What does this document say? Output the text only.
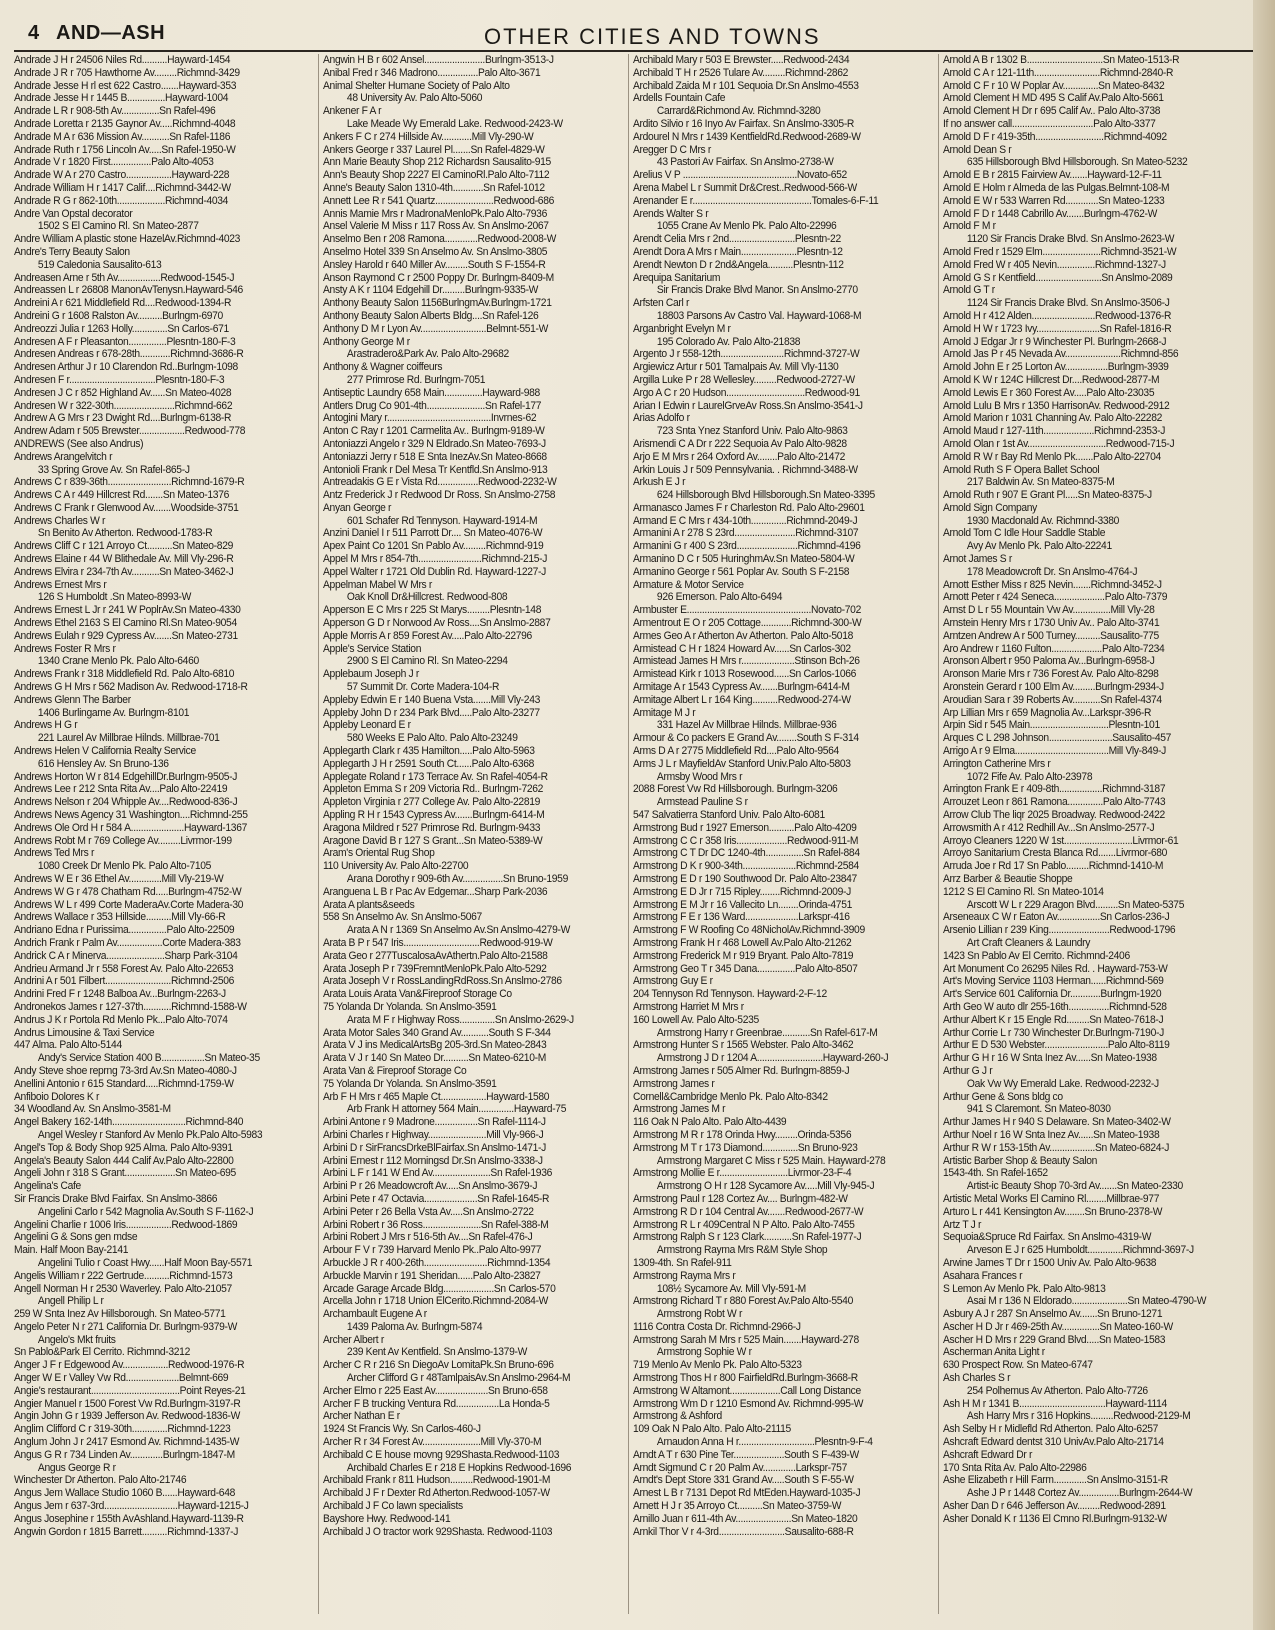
4 AND—ASH	OTHER CITIES AND TOWNS
Andrade J H r 24506 Niles Rd..........Hayward-1454
Andrade J R r 705 Hawthorne Av.........Richmnd-3429
Andrade Jesse H rl est 622 Castro.......Hayward-353
Andrade Jesse H r 1445 B...............Hayward-1004
Andrade L R r 908-5th Av...............Sn Rafel-496
Andrade Loretta r 2135 Gaynor Av.....Richmnd-4048
Andrade M A r 636 Mission Av...........Sn Rafel-1186
Andrade Ruth r 1756 Lincoln Av.....Sn Rafel-1950-W
Andrade V r 1820 First................Palo Alto-4053
Andrade W A r 270 Castro..................Hayward-228
Andrade William H r 1417 Calif....Richmnd-3442-W
Andrade R G r 862-10th...................Richmnd-4034
Andre Van Opstal decorator
1502 S El Camino Rl. Sn Mateo-2877
Andre William A plastic stone HazelAv.Richmnd-4023
Andre's Terry Beauty Salon
519 Caledonia Sausalito-613
Andreasen Arne r 5th Av.................Redwood-1545-J
Andreassen L r 26808 ManonAvTenysn.Hayward-546
Andreini A r 621 Middlefield Rd....Redwood-1394-R
Andreini G r 1608 Ralston Av..........Burlngm-6970
Andreozzi Julia r 1263 Holly..............Sn Carlos-671
Andresen A F r Pleasanton...............Plesntn-180-F-3
Andresen Andreas r 678-28th............Richmnd-3686-R
Andresen Arthur J r 10 Clarendon Rd..Burlngm-1098
Andresen F r..................................Plesntn-180-F-3
Andresen J C r 852 Highland Av......Sn Mateo-4028
Andresen W r 322-30th........................Richmnd-662
Andrew A G Mrs r 23 Dwight Rd....Burlngm-6138-R
Andrew Adam r 505 Brewster..................Redwood-778
ANDREWS (See also Andrus)
Andrews Arangelvitch r
33 Spring Grove Av. Sn Rafel-865-J
Andrews C r 839-36th.........................Richmnd-1679-R
Andrews C A r 449 Hillcrest Rd.......Sn Mateo-1376
Andrews C Frank r Glenwood Av.......Woodside-3751
Andrews Charles W r
Sn Benito Av Atherton. Redwood-1783-R
Andrews Cliff C r 121 Arroyo Ct..........Sn Mateo-829
Andrews Elaine r 44 W Blithedale Av. Mill Vly-296-R
Andrews Elvira r 234-7th Av...........Sn Mateo-3462-J
Andrews Ernest Mrs r
126 S Humboldt .Sn Mateo-8993-W
Andrews Ernest L Jr r 241 W PoplrAv.Sn Mateo-4330
Andrews Ethel 2163 S El Camino Rl.Sn Mateo-9054
Andrews Eulah r 929 Cypress Av.......Sn Mateo-2731
Andrews Foster R Mrs r
1340 Crane Menlo Pk. Palo Alto-6460
Andrews Frank r 318 Middlefield Rd. Palo Alto-6810
Andrews G H Mrs r 562 Madison Av. Redwood-1718-R
Andrews Glenn The Barber
1406 Burlingame Av. Burlngm-8101
Andrews H G r
221 Laurel Av Millbrae Hilnds. Millbrae-701
Andrews Helen V California Realty Service
616 Hensley Av. Sn Bruno-136
Andrews Horton W r 814 EdgehillDr.Burlngm-9505-J
Andrews Lee r 212 Snta Rita Av....Palo Alto-22419
Andrews Nelson r 204 Whipple Av....Redwood-836-J
Andrews News Agency 31 Washington....Richmnd-255
Andrews Ole Ord H r 584 A.....................Hayward-1367
Andrews Robt M r 769 College Av.........Livrmor-199
Andrews Ted Mrs r
1080 Creek Dr Menlo Pk. Palo Alto-7105
Andrews W E r 36 Ethel Av.............Mill Vly-219-W
Andrews W G r 478 Chatham Rd.....Burlngm-4752-W
Andrews W L r 499 Corte MaderaAv.Corte Madera-30
Andrews Wallace r 353 Hillside..........Mill Vly-66-R
Andriano Edna r Purissima...............Palo Alto-22509
Andrich Frank r Palm Av..................Corte Madera-383
Andrick C A r Minerva.......................Sharp Park-3104
Andrieu Armand Jr r 558 Forest Av. Palo Alto-22653
Andrini A r 501 Filbert..........................Richmnd-2506
Andrini Fred F r 1248 Balboa Av...Burlngm-2263-J
Andronekos James r 127-37th...........Richmnd-1588-W
Andrus J K r Portola Rd Menlo Pk...Palo Alto-7074
Andrus Limousine & Taxi Service
447 Alma. Palo Alto-5144
Andy's Service Station 400 B.................Sn Mateo-35
Andy Steve shoe reprng 73-3rd Av.Sn Mateo-4080-J
Anellini Antonio r 615 Standard.....Richmnd-1759-W
Anfiboio Dolores K r
34 Woodland Av. Sn Anslmo-3581-M
Angel Bakery 162-14th.............................Richmnd-840
Angel Wesley r Stanford Av Menlo Pk.Palo Alto-5983
Angel's Top & Body Shop 925 Alma. Palo Alto-9391
Angela's Beauty Salon 444 Calif Av.Palo Alto-22800
Angeli John r 318 S Grant....................Sn Mateo-695
Angelina's Cafe
Sir Francis Drake Blvd Fairfax. Sn Anslmo-3866
Angelini Carlo r 542 Magnolia Av.South S F-1162-J
Angelini Charlie r 1006 Iris..................Redwood-1869
Angelini G & Sons gen mdse
Main. Half Moon Bay-2141
Angelini Tulio r Coast Hwy......Half Moon Bay-5571
Angelis William r 222 Gertrude..........Richmnd-1573
Angell Norman H r 2530 Waverley. Palo Alto-21057
Angell Philip L r
259 W Snta Inez Av Hillsborough. Sn Mateo-5771
Angelo Peter N r 271 California Dr. Burlngm-9379-W
Angelo's Mkt fruits
Sn Pablo&Park El Cerrito. Richmnd-3212
Anger J F r Edgewood Av..................Redwood-1976-R
Anger W E r Valley Vw Rd.....................Belmnt-669
Angie's restaurant...................................Point Reyes-21
Angier Manuel r 1500 Forest Vw Rd.Burlngm-3197-R
Angin John G r 1939 Jefferson Av. Redwood-1836-W
Anglim Clifford C r 319-30th..............Richmnd-1223
Anglum John J r 2417 Esmond Av. Richmnd-1435-W
Angus G R r 734 Linden Av.............Burlngm-1847-M
Angus George R r
Winchester Dr Atherton. Palo Alto-21746
Angus Jem Wallace Studio 1060 B......Hayward-648
Angus Jem r 637-3rd.............................Hayward-1215-J
Angus Josephine r 155th AvAshland.Hayward-1139-R
Angwin Gordon r 1815 Barrett..........Richmnd-1337-J
Angwin H B r 602 Ansel........................Burlngm-3513-J
Anibal Fred r 346 Madrono................Palo Alto-3671
Animal Shelter Humane Society of Palo Alto
48 University Av. Palo Alto-5060
Ankener F A r
Lake Meade Wy Emerald Lake. Redwood-2423-W
Ankers F C r 274 Hillside Av............Mill Vly-290-W
Ankers George r 337 Laurel Pl.......Sn Rafel-4829-W
Ann Marie Beauty Shop 212 Richardsn Sausalito-915
Ann's Beauty Shop 2227 El CaminoRl.Palo Alto-7112
Anne's Beauty Salon 1310-4th............Sn Rafel-1012
Annett Lee R r 541 Quartz.......................Redwood-686
Annis Mamie Mrs r MadronaMenloPk.Palo Alto-7936
Ansel Valerie M Miss r 117 Ross Av. Sn Anslmo-2067
Anselmo Ben r 208 Ramona.............Redwood-2008-W
Anselmo Hotel 339 Sn Anselmo Av. Sn Anslmo-3805
Ansley Harold r 640 Miller Av.........South S F-1554-R
Anson Raymond C r 2500 Poppy Dr. Burlngm-8409-M
Ansty A K r 1104 Edgehill Dr.........Burlngm-9335-W
Anthony Beauty Salon 1156BurlngmAv.Burlngm-1721
Anthony Beauty Salon Alberts Bldg....Sn Rafel-126
Anthony D M r Lyon Av..........................Belmnt-551-W
Anthony George M r
Arastradero&Park Av. Palo Alto-29682
Anthony & Wagner coiffeurs
277 Primrose Rd. Burlngm-7051
Antiseptic Laundry 658 Main...............Hayward-988
Antlers Drug Co 901-4th.......................Sn Rafel-177
Antogini Mary r.........................................Invrnes-62
Anton C Ray r 1201 Carmelita Av.. Burlngm-9189-W
Antoniazzi Angelo r 329 N Eldrado.Sn Mateo-7693-J
Antoniazzi Jerry r 518 E Snta InezAv.Sn Mateo-8668
Antonioli Frank r Del Mesa Tr Kentfld.Sn Anslmo-913
Antreadakis G E r Vista Rd................Redwood-2232-W
Antz Frederick J r Redwood Dr Ross. Sn Anslmo-2758
Anyan George r
601 Schafer Rd Tennyson. Hayward-1914-M
Anzini Daniel I r 511 Parrott Dr.... Sn Mateo-4076-W
Apex Paint Co 1201 Sn Pablo Av.........Richmnd-919
Appel M Mrs r 854-7th.........................Richmnd-215-J
Appel Walter r 1721 Old Dublin Rd. Hayward-1227-J
Appelman Mabel W Mrs r
Oak Knoll Dr&Hillcrest. Redwood-808
Apperson E C Mrs r 225 St Marys.........Plesntn-148
Apperson G D r Norwood Av Ross....Sn Anslmo-2887
Apple Morris A r 859 Forest Av.....Palo Alto-22796
Apple's Service Station
2900 S El Camino Rl. Sn Mateo-2294
Applebaum Joseph J r
57 Summit Dr. Corte Madera-104-R
Appleby Edwin E r 140 Buena Vsta.......Mill Vly-243
Appleby John D r 234 Park Blvd.....Palo Alto-23277
Appleby Leonard E r
580 Weeks E Palo Alto. Palo Alto-23249
Applegarth Clark r 435 Hamilton.....Palo Alto-5963
Applegarth J H r 2591 South Ct......Palo Alto-6368
Applegate Roland r 173 Terrace Av. Sn Rafel-4054-R
Appleton Emma S r 209 Victoria Rd.. Burlngm-7262
Appleton Virginia r 277 College Av. Palo Alto-22819
Appling R H r 1543 Cypress Av.......Burlngm-6414-M
Aragona Mildred r 527 Primrose Rd. Burlngm-9433
Aragone David B r 127 S Grant...Sn Mateo-5389-W
Aram's Oriental Rug Shop
110 University Av. Palo Alto-22700
Arana Dorothy r 909-6th Av................Sn Bruno-1959
Aranguena L B r Pac Av Edgemar...Sharp Park-2036
Arata A plants&seeds
558 Sn Anselmo Av. Sn Anslmo-5067
Arata A N r 1369 Sn Anselmo Av.Sn Anslmo-4279-W
Arata B P r 547 Iris..............................Redwood-919-W
Arata Geo r 277TuscalosaAvAthertn.Palo Alto-21588
Arata Joseph P r 739FremntMenloPk.Palo Alto-5292
Arata Joseph V r RossLandingRdRoss.Sn Anslmo-2786
Arata Louis Arata Van&Fireproof Storage Co
75 Yolanda Dr Yolanda. Sn Anslmo-3591
Arata M F r Highway Ross..............Sn Anslmo-2629-J
Arata Motor Sales 340 Grand Av...........South S F-344
Arata V J ins MedicalArtsBg 205-3rd.Sn Mateo-2843
Arata V J r 140 Sn Mateo Dr..........Sn Mateo-6210-M
Arata Van & Fireproof Storage Co
75 Yolanda Dr Yolanda. Sn Anslmo-3591
Arb F H Mrs r 465 Maple Ct..................Hayward-1580
Arb Frank H attorney 564 Main..............Hayward-75
Arbini Antone r 9 Madrone.................Sn Rafel-1114-J
Arbini Charles r Highway.......................Mill Vly-966-J
Arbini D r SirFrancsDrkeBlFairfax.Sn Anslmo-1471-J
Arbini Ernest r 112 Morningsd Dr.Sn Anslmo-3338-J
Arbini L F r 141 W End Av.......................Sn Rafel-1936
Arbini P r 26 Meadowcroft Av.....Sn Anslmo-3679-J
Arbini Pete r 47 Octavia.....................Sn Rafel-1645-R
Arbini Peter r 26 Bella Vsta Av.....Sn Anslmo-2722
Arbini Robert r 36 Ross.......................Sn Rafel-388-M
Arbini Robert J Mrs r 516-5th Av....Sn Rafel-476-J
Arbour F V r 739 Harvard Menlo Pk..Palo Alto-9977
Arbuckle J R r 400-26th.........................Richmnd-1354
Arbuckle Marvin r 191 Sheridan......Palo Alto-23827
Arcade Garage Arcade Bldg....................Sn Carlos-570
Arcella John r 1718 Union ElCerito.Richmnd-2084-W
Archambault Eugene A r
1439 Paloma Av. Burlngm-5874
Archer Albert r
239 Kent Av Kentfield. Sn Anslmo-1379-W
Archer C R r 216 Sn DiegoAv LomitaPk.Sn Bruno-696
Archer Clifford G r 48TamlpaisAv.Sn Anslmo-2964-M
Archer Elmo r 225 East Av.....................Sn Bruno-658
Archer F B trucking Ventura Rd.................La Honda-5
Archer Nathan E r
1924 St Francis Wy. Sn Carlos-460-J
Archer R r 34 Forest Av.......................Mill Vly-370-M
Archibald C E house movng 929Shasta.Redwood-1103
Archibald Charles E r 218 E Hopkins Redwood-1696
Archibald Frank r 811 Hudson.........Redwood-1901-M
Archibald J F r Dexter Rd Atherton.Redwood-1057-W
Archibald J F Co lawn specialists
Bayshore Hwy. Redwood-141
Archibald J O tractor work 929Shasta. Redwood-1103
Archibald Mary r 503 E Brewster.....Redwood-2434
Archibald T H r 2526 Tulare Av.........Richmnd-2862
Archibald Zaida M r 101 Sequoia Dr.Sn Anslmo-4553
Ardells Fountain Cafe
Carrard&Richmond Av. Richmnd-3280
Ardito Silvio r 16 Inyo Av Fairfax. Sn Anslmo-3305-R
Ardourel N Mrs r 1439 KentfieldRd.Redwood-2689-W
Aregger D C Mrs r
43 Pastori Av Fairfax. Sn Anslmo-2738-W
Arelius V P .............................................Novato-652
Arena Mabel L r Summit Dr&Crest..Redwood-566-W
Arenander E r...............................................Tomales-6-F-11
Arends Walter S r
1055 Crane Av Menlo Pk. Palo Alto-22996
Arendt Celia Mrs r 2nd..........................Plesntn-22
Arendt Dora A Mrs r Main......................Plesntn-12
Arendt Newton D r 2nd&Angela..........Plesntn-112
Arequipa Sanitarium
Sir Francis Drake Blvd Manor. Sn Anslmo-2770
Arfsten Carl r
18803 Parsons Av Castro Val. Hayward-1068-M
Arganbright Evelyn M r
195 Colorado Av. Palo Alto-21838
Argento J r 558-12th.........................Richmnd-3727-W
Argiewicz Artur r 501 Tamalpais Av. Mill Vly-1130
Argilla Luke P r 28 Wellesley.........Redwood-2727-W
Argo A C r 20 Hudson...............................Redwood-91
Arian I Edwin r LaurelGrveAv Ross.Sn Anslmo-3541-J
Arias Adolfo r
723 Snta Ynez Stanford Univ. Palo Alto-9863
Arismendi C A Dr r 222 Sequoia Av Palo Alto-9828
Arjo E M Mrs r 264 Oxford Av........Palo Alto-21472
Arkin Louis J r 509 Pennsylvania. . Richmnd-3488-W
Arkush E J r
624 Hillsborough Blvd Hillsborough.Sn Mateo-3395
Armanasco James F r Charleston Rd. Palo Alto-29601
Armand E C Mrs r 434-10th..............Richmnd-2049-J
Armanini A r 278 S 23rd........................Richmnd-3107
Armanini G r 400 S 23rd........................Richmnd-4196
Armanino D C r 505 HuringhmAv.Sn Mateo-5804-W
Armanino George r 561 Poplar Av. South S F-2158
Armature & Motor Service
926 Emerson. Palo Alto-6494
Armbuster E.................................................Novato-702
Armentrout E O r 205 Cottage............Richmnd-300-W
Armes Geo A r Atherton Av Atherton. Palo Alto-5018
Armistead C H r 1824 Howard Av......Sn Carlos-302
Armistead James H Mrs r.....................Stinson Bch-26
Armistead Kirk r 1013 Rosewood......Sn Carlos-1066
Armitage A r 1543 Cypress Av.......Burlngm-6414-M
Armitage Albert L r 164 King..........Redwood-274-W
Armitage M J r
331 Hazel Av Millbrae Hilnds. Millbrae-936
Armour & Co packers E Grand Av........South S F-314
Arms D A r 2775 Middlefield Rd....Palo Alto-9564
Arms J L r MayfieldAv Stanford Univ.Palo Alto-5803
Armsby Wood Mrs r
2088 Forest Vw Rd Hillsborough. Burlngm-3206
Armstead Pauline S r
547 Salvatierra Stanford Univ. Palo Alto-6081
Armstrong Bud r 1927 Emerson..........Palo Alto-4209
Armstrong C C r 358 Iris....................Redwood-911-M
Armstrong C T Dr DC 1240-4th...............Sn Rafel-884
Armstrong D K r 900-34th.....................Richmnd-2584
Armstrong E D r 190 Southwood Dr. Palo Alto-23847
Armstrong E D Jr r 715 Ripley........Richmnd-2009-J
Armstrong E M Jr r 16 Vallecito Ln........Orinda-4751
Armstrong F E r 136 Ward.....................Larkspr-416
Armstrong F W Roofing Co 48NicholAv.Richmnd-3909
Armstrong Frank H r 468 Lowell Av.Palo Alto-21262
Armstrong Frederick M r 919 Bryant. Palo Alto-7819
Armstrong Geo T r 345 Dana...............Palo Alto-8507
Armstrong Guy E r
204 Tennyson Rd Tennyson. Hayward-2-F-12
Armstrong Harriet M Mrs r
160 Lowell Av. Palo Alto-5235
Armstrong Harry r Greenbrae...........Sn Rafel-617-M
Armstrong Hunter S r 1565 Webster. Palo Alto-3462
Armstrong J D r 1204 A..........................Hayward-260-J
Armstrong James r 505 Almer Rd. Burlngm-8859-J
Armstrong James r
Cornell&Cambridge Menlo Pk. Palo Alto-8342
Armstrong James M r
116 Oak N Palo Alto. Palo Alto-4439
Armstrong M R r 178 Orinda Hwy.........Orinda-5356
Armstrong M T r 173 Diamond..............Sn Bruno-923
Armstrong Margaret C Miss r 525 Main. Hayward-278
Armstrong Mollie E r...........................Livrmor-23-F-4
Armstrong O H r 128 Sycamore Av.....Mill Vly-945-J
Armstrong Paul r 128 Cortez Av.... Burlngm-482-W
Armstrong R D r 104 Central Av.......Redwood-2677-W
Armstrong R L r 409Central N P Alto. Palo Alto-7455
Armstrong Ralph S r 123 Clark...........Sn Rafel-1977-J
Armstrong Rayma Mrs R&M Style Shop
1309-4th. Sn Rafel-911
Armstrong Rayma Mrs r
108½ Sycamore Av. Mill Vly-591-M
Armstrong Richard T r 880 Forest Av.Palo Alto-5540
Armstrong Robt W r
1116 Contra Costa Dr. Richmnd-2966-J
Armstrong Sarah M Mrs r 525 Main.......Hayward-278
Armstrong Sophie W r
719 Menlo Av Menlo Pk. Palo Alto-5323
Armstrong Thos H r 800 FairfieldRd.Burlngm-3668-R
Armstrong W Altamont....................Call Long Distance
Armstrong Wm D r 1210 Esmond Av. Richmnd-995-W
Armstrong & Ashford
109 Oak N Palo Alto. Palo Alto-21115
Arnaudon Anna H r..............................Plesntn-9-F-4
Arndt A T r 630 Pine Ter....................South S F-439-W
Arndt Sigmund C r 20 Palm Av.............Larkspr-757
Arndt's Dept Store 331 Grand Av.....South S F-55-W
Arnest L B r 7131 Depot Rd MtEden.Hayward-1035-J
Arnett H J r 35 Arroyo Ct..........Sn Mateo-3759-W
Arnillo Juan r 611-4th Av......................Sn Mateo-1820
Arnkil Thor V r 4-3rd..........................Sausalito-688-R
Arnold A B r 1302 B..............................Sn Mateo-1513-R
Arnold C A r 121-11th..........................Richmnd-2840-R
Arnold C F r 10 W Poplar Av..............Sn Mateo-8432
Arnold Clement H MD 495 S Calif Av.Palo Alto-5661
Arnold Clement H Dr r 695 Calif Av.. Palo Alto-3738
If no answer call................................Palo Alto-3377
Arnold D F r 419-35th...........................Richmnd-4092
Arnold Dean S r
635 Hillsborough Blvd Hillsborough. Sn Mateo-5232
Arnold E B r 2815 Fairview Av.......Hayward-12-F-11
Arnold E Holm r Almeda de las Pulgas.Belmnt-108-M
Arnold E W r 533 Warren Rd.............Sn Mateo-1233
Arnold F D r 1448 Cabrillo Av.......Burlngm-4762-W
Arnold F M r
1120 Sir Francis Drake Blvd. Sn Anslmo-2623-W
Arnold Fred r 1529 Elm.......................Richmnd-3521-W
Arnold Fred W r 405 Nevin...............Richmnd-1327-J
Arnold G S r Kentfield..........................Sn Anslmo-2089
Arnold G T r
1124 Sir Francis Drake Blvd. Sn Anslmo-3506-J
Arnold H r 412 Alden.........................Redwood-1376-R
Arnold H W r 1723 Ivy.........................Sn Rafel-1816-R
Arnold J Edgar Jr r 9 Winchester Pl. Burlngm-2668-J
Arnold Jas P r 45 Nevada Av......................Richmnd-856
Arnold John E r 25 Lorton Av.................Burlngm-3939
Arnold K W r 124C Hillcrest Dr....Redwood-2877-M
Arnold Lewis E r 360 Forest Av.....Palo Alto-23035
Arnold Lulu B Mrs r 1350 HarrisonAv. Redwood-2912
Arnold Marion r 1031 Channing Av. Palo Alto-22282
Arnold Maud r 127-11th....................Richmnd-2353-J
Arnold Olan r 1st Av...............................Redwood-715-J
Arnold R W r Bay Rd Menlo Pk.......Palo Alto-22704
Arnold Ruth S F Opera Ballet School
217 Baldwin Av. Sn Mateo-8375-M
Arnold Ruth r 907 E Grant Pl.....Sn Mateo-8375-J
Arnold Sign Company
1930 Macdonald Av. Richmnd-3380
Arnold Tom C Idle Hour Saddle Stable
Avy Av Menlo Pk. Palo Alto-22241
Arnot James S r
178 Meadowcroft Dr. Sn Anslmo-4764-J
Arnott Esther Miss r 825 Nevin.......Richmnd-3452-J
Arnott Peter r 424 Seneca....................Palo Alto-7379
Arnst D L r 55 Mountain Vw Av...............Mill Vly-28
Arnstein Henry Mrs r 1730 Univ Av.. Palo Alto-3741
Arntzen Andrew A r 500 Turney..........Sausalito-775
Aro Andrew r 1160 Fulton....................Palo Alto-7234
Aronson Albert r 950 Paloma Av...Burlngm-6958-J
Aronson Marie Mrs r 736 Forest Av. Palo Alto-8298
Aronstein Gerard r 100 Elm Av.........Burlngm-2934-J
Aroudian Sara r 39 Roberts Av...........Sn Rafel-4374
Arp Lillian Mrs r 659 Magnolia Av...Larkspr-396-R
Arpin Sid r 545 Main...............................Plesntn-101
Arques C L 298 Johnson.........................Sausalito-457
Arrigo A r 9 Elma.....................................Mill Vly-849-J
Arrington Catherine Mrs r
1072 Fife Av. Palo Alto-23978
Arrington Frank E r 409-8th.................Richmnd-3187
Arrouzet Leon r 861 Ramona..............Palo Alto-7743
Arrow Club The liqr 2025 Broadway. Redwood-2422
Arrowsmith A r 412 Redhill Av...Sn Anslmo-2577-J
Arroyo Cleaners 1220 W 1st...........................Livrmor-61
Arroyo Sanitarium Cresta Blanca Rd.......Livrmor-680
Arruda Joe r Rd 17 Sn Pablo.........Richmnd-1410-M
Arrz Barber & Beautie Shoppe
1212 S El Camino Rl. Sn Mateo-1014
Arscott W L r 229 Aragon Blvd.........Sn Mateo-5375
Arseneaux C W r Eaton Av.................Sn Carlos-236-J
Arsenio Lillian r 239 King........................Redwood-1796
Art Craft Cleaners & Laundry
1423 Sn Pablo Av El Cerrito. Richmnd-2406
Art Monument Co 26295 Niles Rd. . Hayward-753-W
Art's Moving Service 1103 Herman......Richmnd-569
Art's Service 601 California Dr............Burlngm-1920
Arth Geo W auto dlr 255-16th................Richmnd-528
Arthur Albert K r 15 Engle Rd.........Sn Mateo-7618-J
Arthur Corrie L r 730 Winchester Dr.Burlngm-7190-J
Arthur E D 530 Webster.........................Palo Alto-8119
Arthur G H r 16 W Snta Inez Av......Sn Mateo-1938
Arthur G J r
Oak Vw Wy Emerald Lake. Redwood-2232-J
Arthur Gene & Sons bldg co
941 S Claremont. Sn Mateo-8030
Arthur James H r 940 S Delaware. Sn Mateo-3402-W
Arthur Noel r 16 W Snta Inez Av......Sn Mateo-1938
Arthur R W r 153-15th Av..................Sn Mateo-6824-J
Artistic Barber Shop & Beauty Salon
1543-4th. Sn Rafel-1652
Artist-ic Beauty Shop 70-3rd Av.......Sn Mateo-2330
Artistic Metal Works El Camino Rl........Millbrae-977
Arturo L r 441 Kensington Av........Sn Bruno-2378-W
Artz T J r
Sequoia&Spruce Rd Fairfax. Sn Anslmo-4319-W
Arveson E J r 625 Humboldt..............Richmnd-3697-J
Arwine James T Dr r 1500 Univ Av. Palo Alto-9638
Asahara Frances r
S Lemon Av Menlo Pk. Palo Alto-9813
Asai M r 136 N Eldorado......................Sn Mateo-4790-W
Asbury A J r 287 Sn Anselmo Av.......Sn Bruno-1271
Ascher H D Jr r 469-25th Av...............Sn Mateo-160-W
Ascher H D Mrs r 229 Grand Blvd.....Sn Mateo-1583
Ascherman Anita Light r
630 Prospect Row. Sn Mateo-6747
Ash Charles S r
254 Polhemus Av Atherton. Palo Alto-7726
Ash H M r 1341 B..................................Hayward-1114
Ash Harry Mrs r 316 Hopkins.........Redwood-2129-M
Ash Selby H r Midlefld Rd Atherton. Palo Alto-6257
Ashcraft Edward dentst 310 UnivAv.Palo Alto-21714
Ashcraft Edward Dr r
170 Snta Rita Av. Palo Alto-22986
Ashe Elizabeth r Hill Farm.............Sn Anslmo-3151-R
Ashe J P r 1448 Cortez Av................Burlngm-2644-W
Asher Dan D r 646 Jefferson Av.........Redwood-2891
Asher Donald K r 1136 El Cmno Rl.Burlngm-9132-W
